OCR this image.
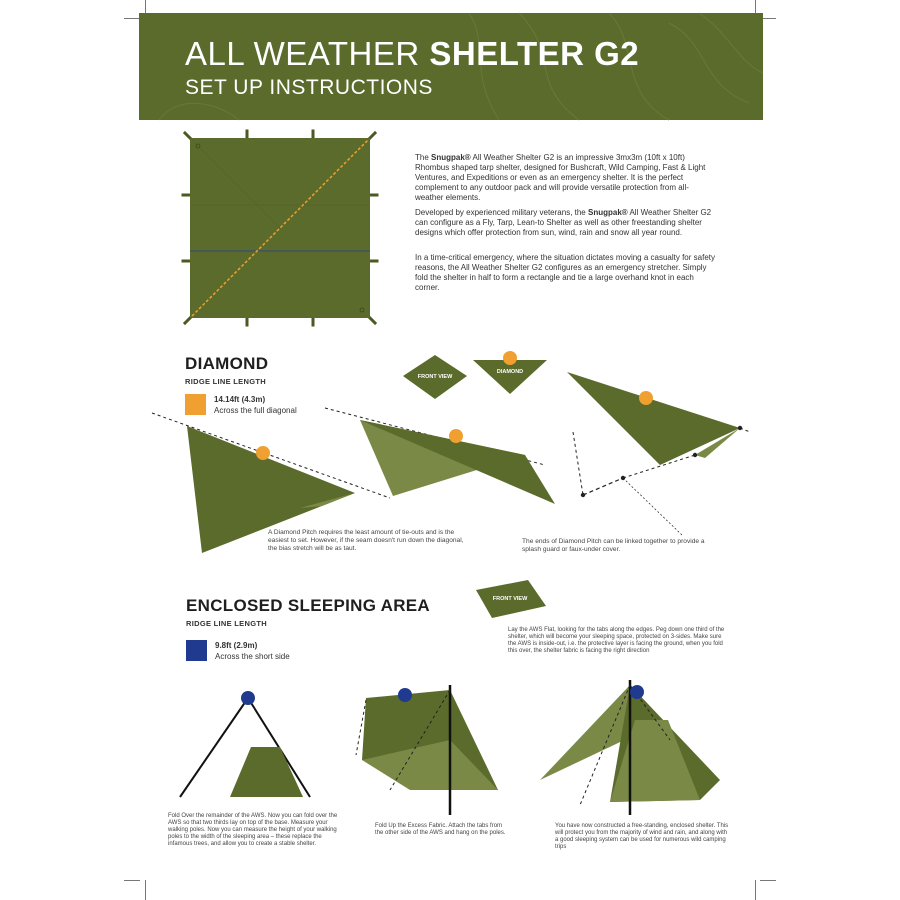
ALL WEATHER SHELTER G2
SET UP INSTRUCTIONS
The Snugpak® All Weather Shelter G2 is an impressive 3mx3m (10ft x 10ft) Rhombus shaped tarp shelter, designed for Bushcraft, Wild Camping, Fast & Light Ventures, and Expeditions or even as an emergency shelter. It is the perfect complement to any outdoor pack and will provide versatile protection from all-weather elements.
Developed by experienced military veterans, the Snugpak® All Weather Shelter G2 can configure as a Fly, Tarp, Lean-to Shelter as well as other freestanding shelter designs which offer protection from sun, wind, rain and snow all year round.
In a time-critical emergency, where the situation dictates moving a casualty for safety reasons, the All Weather Shelter G2 configures as an emergency stretcher. Simply fold the shelter in half to form a rectangle and tie a large overhand knot in each corner.
DIAMOND
RIDGE LINE LENGTH
14.14ft (4.3m)
Across the full diagonal
FRONT VIEW
DIAMOND
A Diamond Pitch requires the least amount of tie-outs and is the easiest to set. However, if the seam doesn't run down the diagonal, the bias stretch will be as taut.
The ends of Diamond Pitch can be linked together to provide a splash guard or faux-under cover.
ENCLOSED SLEEPING AREA
RIDGE LINE LENGTH
9.8ft (2.9m)
Across the short side
FRONT VIEW
Lay the AWS Flat, looking for the tabs along the edges. Peg down one third of the shelter, which will become your sleeping space, protected on 3-sides. Make sure the AWS is inside-out, i.e. the protective layer is facing the ground, when you fold this over, the shelter fabric is facing the right direction
Fold Over the remainder of the AWS. Now you can fold over the AWS so that two thirds lay on top of the base. Measure your walking poles. Now you can measure the height of your walking poles to the width of the sleeping area – these replace the infamous trees, and allow you to create a stable shelter.
Fold Up the Excess Fabric. Attach the tabs from the other side of the AWS and hang on the poles.
You have now constructed a free-standing, enclosed shelter. This will protect you from the majority of wind and rain, and along with a good sleeping system can be used for numerous wild camping trips
